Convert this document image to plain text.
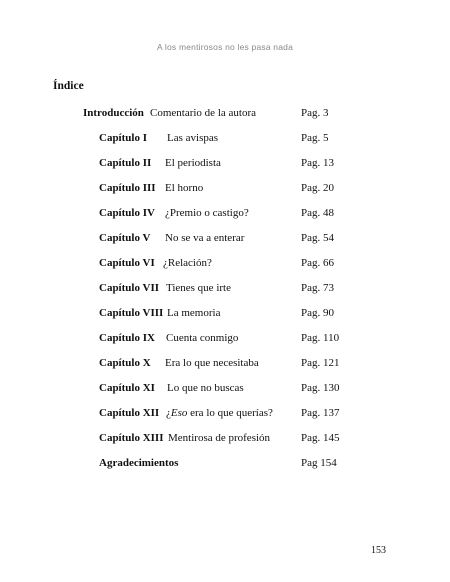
A los mentirosos no les pasa nada
Índice
Introducción Comentario de la autora	Pag. 3
Capítulo I Las avispas	Pag. 5
Capítulo II El periodista	Pag. 13
Capítulo III El horno	Pag. 20
Capítulo IV ¿Premio o castigo?	Pag. 48
Capítulo V No se va a enterar	Pag. 54
Capítulo VI ¿Relación?	Pag. 66
Capítulo VII Tienes que irte	Pag. 73
Capítulo VIII La memoria	Pag. 90
Capítulo IX Cuenta conmigo	Pag. 110
Capítulo X Era lo que necesitaba	Pag. 121
Capítulo XI Lo que no buscas	Pag. 130
Capítulo XII ¿Eso era lo que querías?	Pag. 137
Capítulo XIII Mentirosa de profesión	Pag. 145
Agradecimientos	Pag 154
153
